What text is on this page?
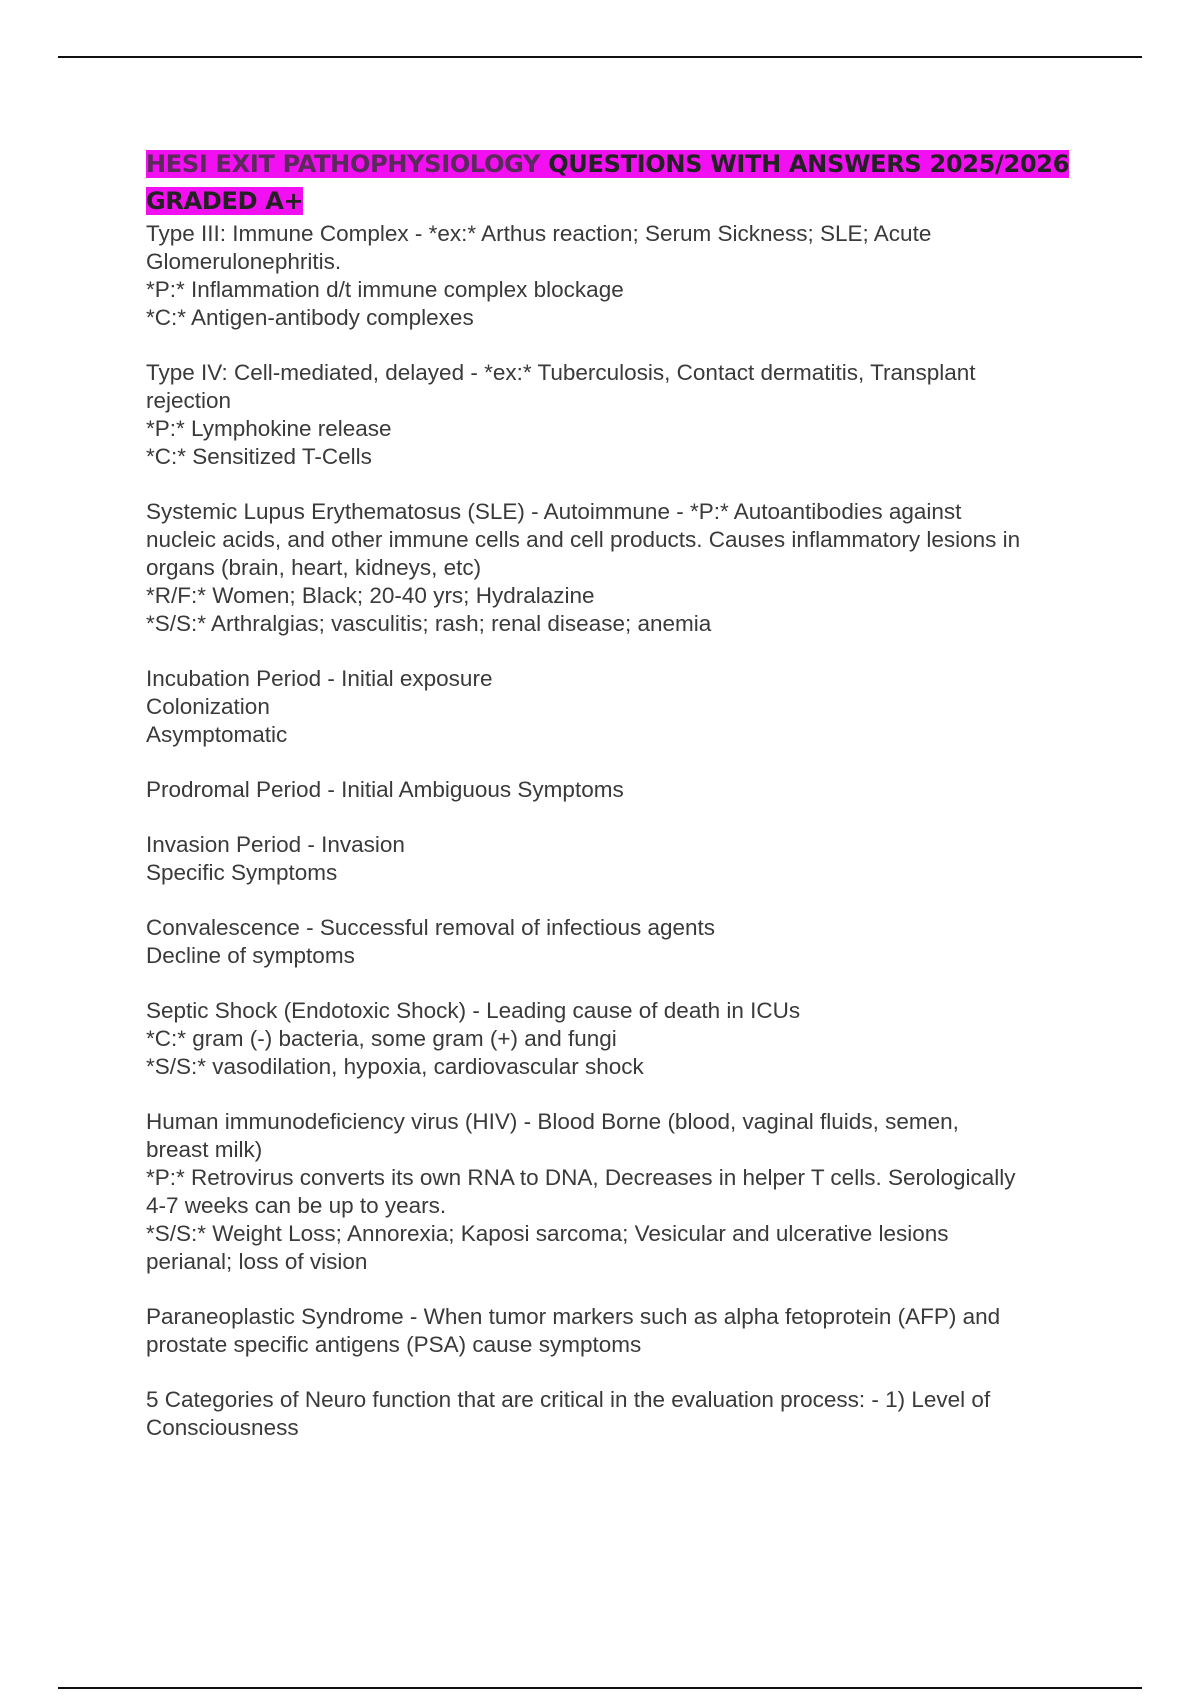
HESI EXIT PATHOPHYSIOLOGY QUESTIONS WITH ANSWERS 2025/2026 GRADED A+
Type III: Immune Complex - *ex:* Arthus reaction; Serum Sickness; SLE; Acute
Glomerulonephritis.
*P:* Inflammation d/t immune complex blockage
*C:* Antigen-antibody complexes
Type IV: Cell-mediated, delayed - *ex:* Tuberculosis, Contact dermatitis, Transplant
rejection
*P:* Lymphokine release
*C:* Sensitized T-Cells
Systemic Lupus Erythematosus (SLE) - Autoimmune - *P:* Autoantibodies against
nucleic acids, and other immune cells and cell products. Causes inflammatory lesions in
organs (brain, heart, kidneys, etc)
*R/F:* Women; Black; 20-40 yrs; Hydralazine
*S/S:* Arthralgias; vasculitis; rash; renal disease; anemia
Incubation Period - Initial exposure
Colonization
Asymptomatic
Prodromal Period - Initial Ambiguous Symptoms
Invasion Period - Invasion
Specific Symptoms
Convalescence - Successful removal of infectious agents
Decline of symptoms
Septic Shock (Endotoxic Shock) - Leading cause of death in ICUs
*C:* gram (-) bacteria, some gram (+) and fungi
*S/S:* vasodilation, hypoxia, cardiovascular shock
Human immunodeficiency virus (HIV) - Blood Borne (blood, vaginal fluids, semen,
breast milk)
*P:* Retrovirus converts its own RNA to DNA, Decreases in helper T cells. Serologically
4-7 weeks can be up to years.
*S/S:* Weight Loss; Annorexia; Kaposi sarcoma; Vesicular and ulcerative lesions
perianal; loss of vision
Paraneoplastic Syndrome - When tumor markers such as alpha fetoprotein (AFP) and
prostate specific antigens (PSA) cause symptoms
5 Categories of Neuro function that are critical in the evaluation process: - 1) Level of
Consciousness
